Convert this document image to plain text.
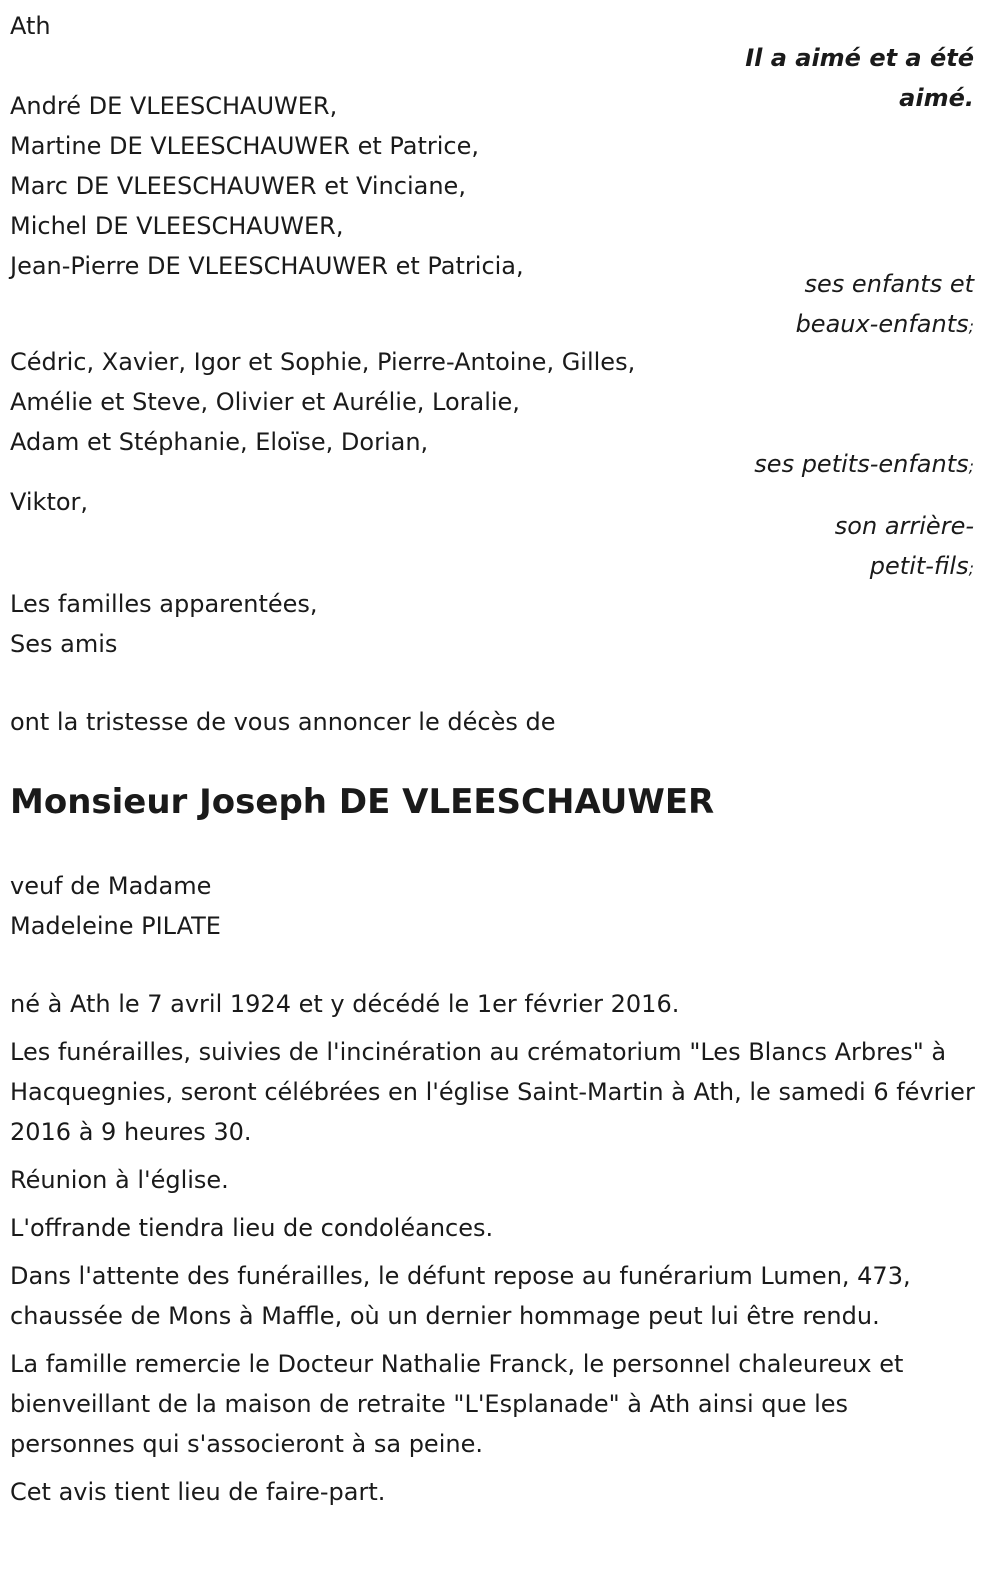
Ath
Il a aimé et a été aimé.
André DE VLEESCHAUWER,
Martine DE VLEESCHAUWER et Patrice,
Marc DE VLEESCHAUWER et Vinciane,
Michel DE VLEESCHAUWER,
Jean-Pierre DE VLEESCHAUWER et Patricia,
ses enfants et
beaux-enfants;
Cédric, Xavier, Igor et Sophie, Pierre-Antoine, Gilles,
Amélie et Steve, Olivier et Aurélie, Loralie,
Adam et Stéphanie, Eloïse, Dorian,
ses petits-enfants;
Viktor,
son arrière-
petit-fils;
Les familles apparentées,
Ses amis
ont la tristesse de vous annoncer le décès de
Monsieur Joseph DE VLEESCHAUWER
veuf de Madame
Madeleine PILATE

né à Ath le 7 avril 1924 et y décédé le 1er février 2016.

Les funérailles, suivies de l'incinération au crématorium "Les Blancs Arbres" à Hacquegnies, seront célébrées en l'église Saint-Martin à Ath, le samedi 6 février 2016 à 9 heures 30.

Réunion à l'église.

L'offrande tiendra lieu de condoléances.

Dans l'attente des funérailles, le défunt repose au funérarium Lumen, 473, chaussée de Mons à Maffle, où un dernier hommage peut lui être rendu.

La famille remercie le Docteur Nathalie Franck, le personnel chaleureux et bienveillant de la maison de retraite "L'Esplanade" à Ath ainsi que les personnes qui s'associeront à sa peine.

Cet avis tient lieu de faire-part.
